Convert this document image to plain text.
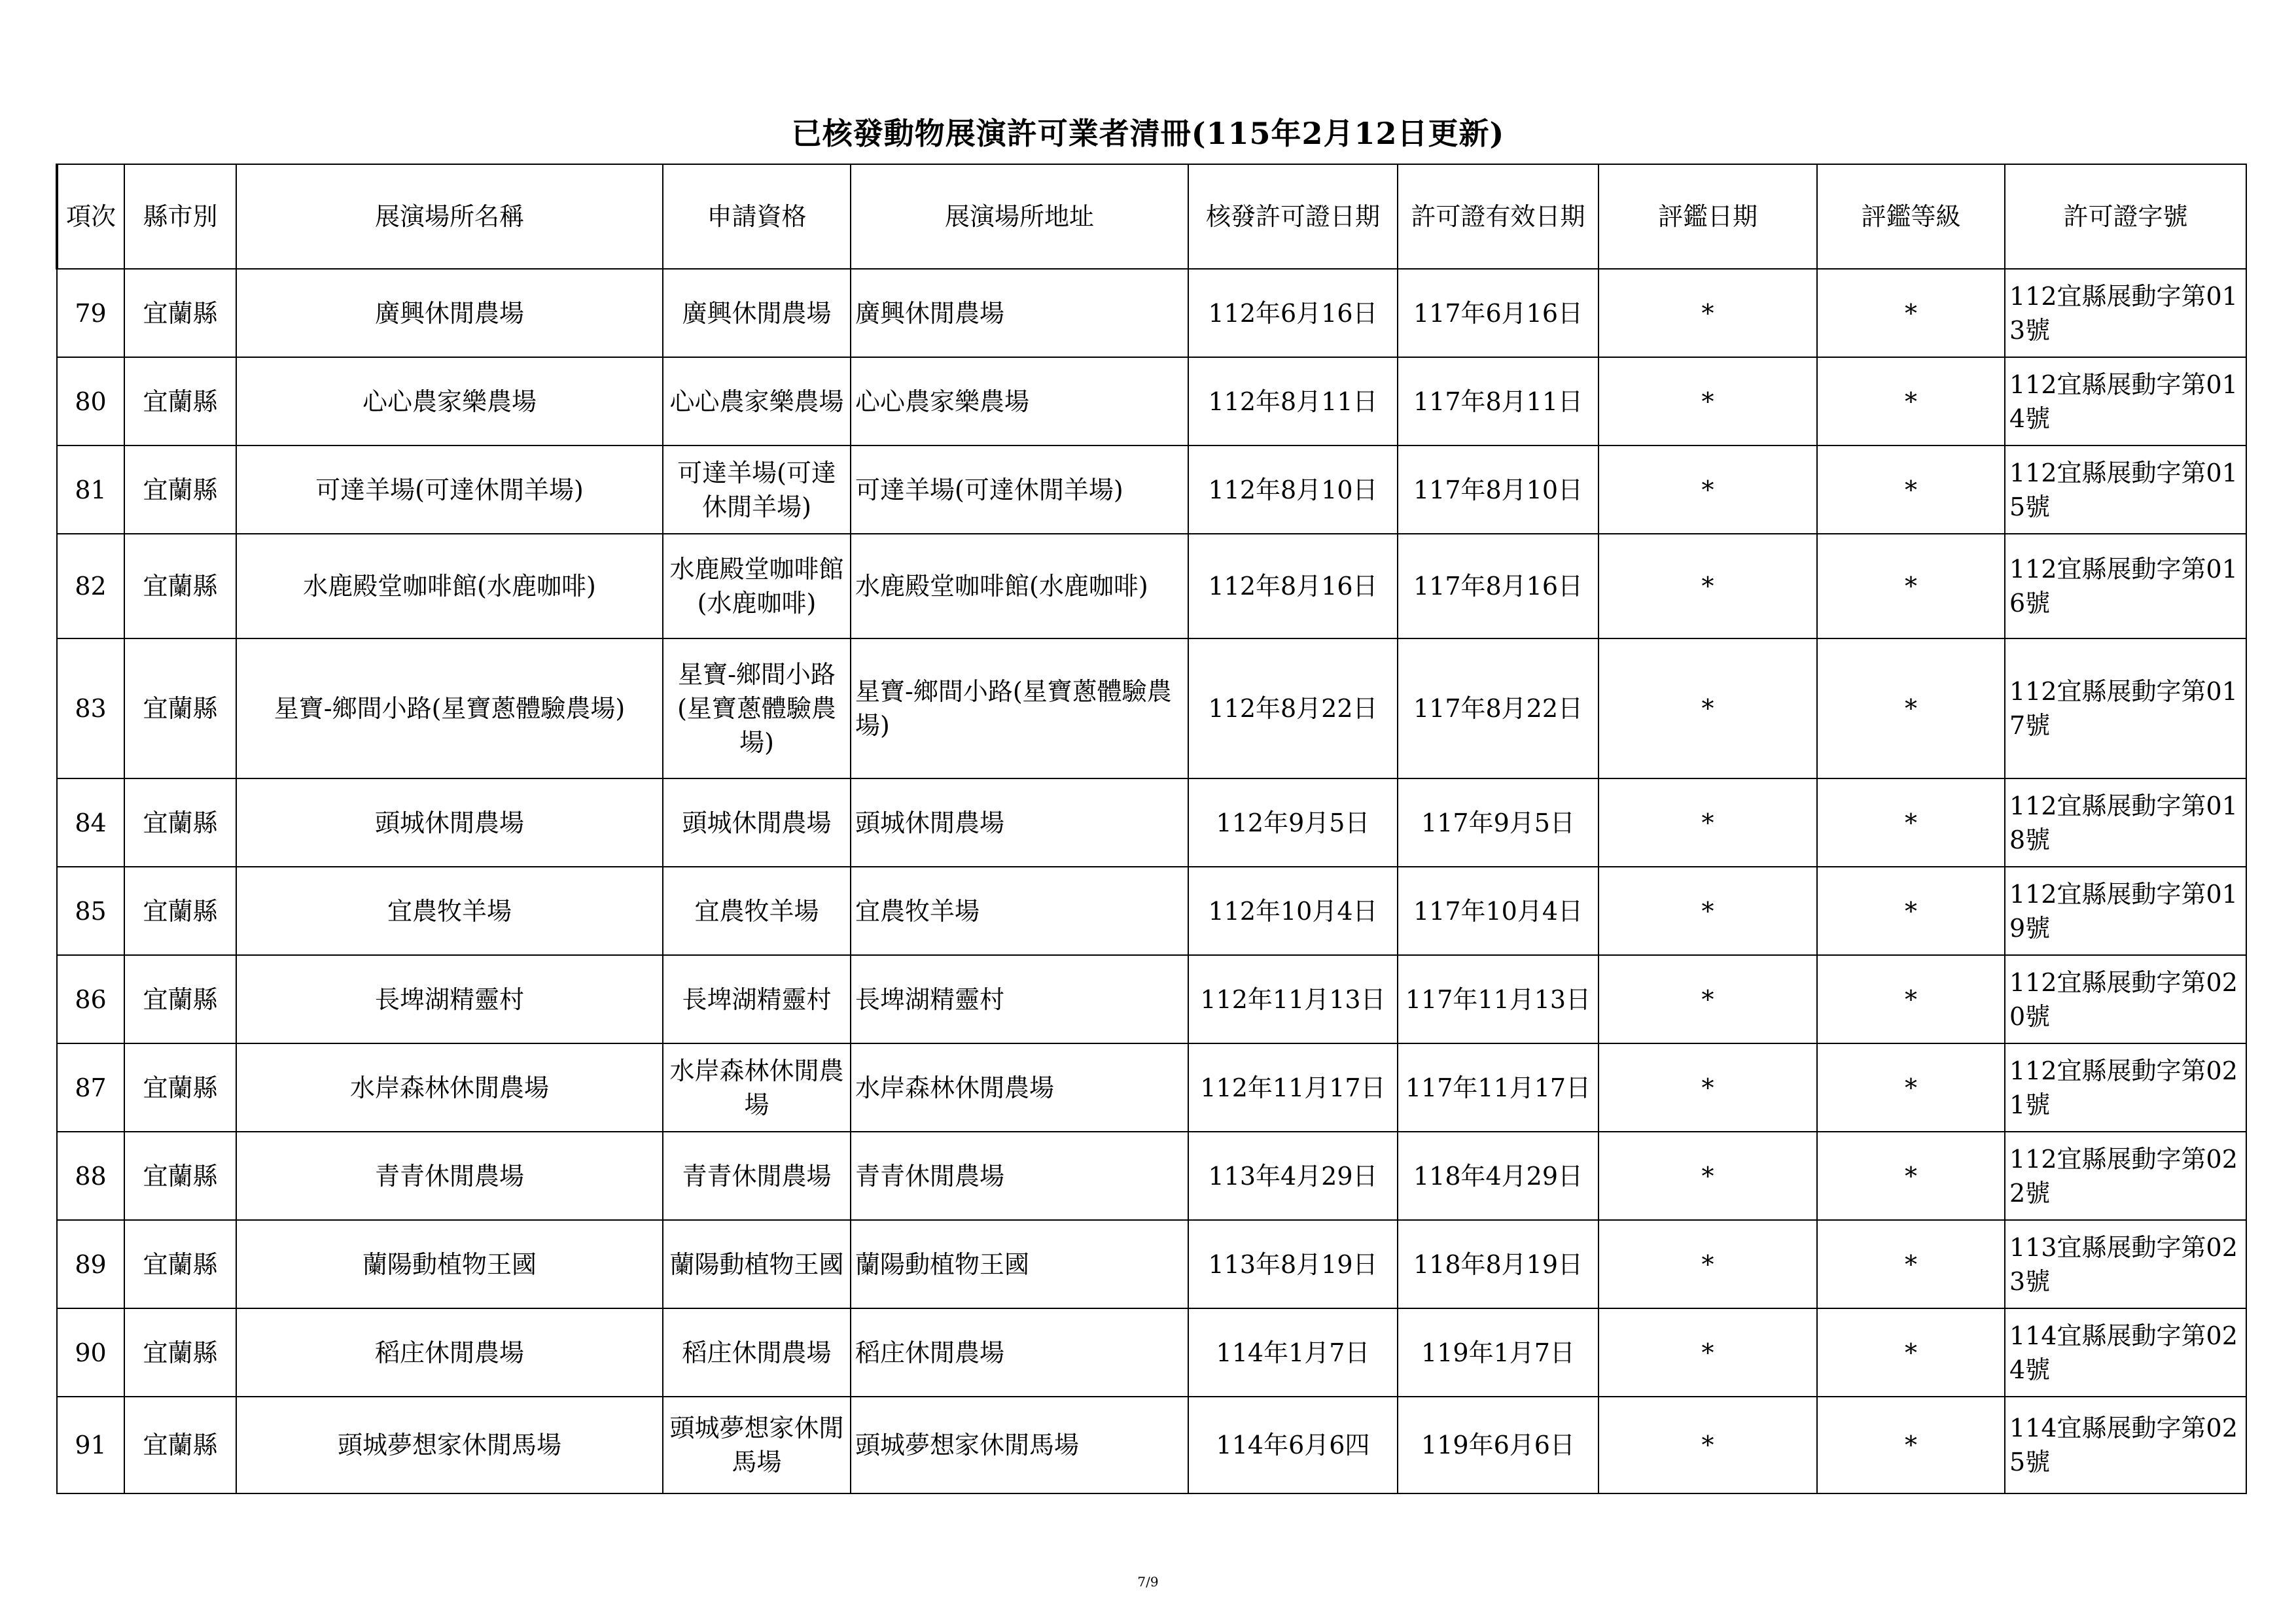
已核發動物展演許可業者清冊(115年2月12日更新)
項次	縣市別	展演場所名稱	申請資格	展演場所地址	核發許可證日期	許可證有效日期	評鑑日期	評鑑等級	許可證字號
79	宜蘭縣	廣興休閒農場	廣興休閒農場	廣興休閒農場	112年6月16日	117年6月16日	*	*	112宜縣展動字第013號
80	宜蘭縣	心心農家樂農場	心心農家樂農場	心心農家樂農場	112年8月11日	117年8月11日	*	*	112宜縣展動字第014號
81	宜蘭縣	可達羊場(可達休閒羊場)	可達羊場(可達休閒羊場)	可達羊場(可達休閒羊場)	112年8月10日	117年8月10日	*	*	112宜縣展動字第015號
82	宜蘭縣	水鹿殿堂咖啡館(水鹿咖啡)	水鹿殿堂咖啡館(水鹿咖啡)	水鹿殿堂咖啡館(水鹿咖啡)	112年8月16日	117年8月16日	*	*	112宜縣展動字第016號
83	宜蘭縣	星寶-鄉間小路(星寶蔥體驗農場)	星寶-鄉間小路(星寶蔥體驗農場)	星寶-鄉間小路(星寶蔥體驗農場)	112年8月22日	117年8月22日	*	*	112宜縣展動字第017號
84	宜蘭縣	頭城休閒農場	頭城休閒農場	頭城休閒農場	112年9月5日	117年9月5日	*	*	112宜縣展動字第018號
85	宜蘭縣	宜農牧羊場	宜農牧羊場	宜農牧羊場	112年10月4日	117年10月4日	*	*	112宜縣展動字第019號
86	宜蘭縣	長埤湖精靈村	長埤湖精靈村	長埤湖精靈村	112年11月13日	117年11月13日	*	*	112宜縣展動字第020號
87	宜蘭縣	水岸森林休閒農場	水岸森林休閒農場	水岸森林休閒農場	112年11月17日	117年11月17日	*	*	112宜縣展動字第021號
88	宜蘭縣	青青休閒農場	青青休閒農場	青青休閒農場	113年4月29日	118年4月29日	*	*	112宜縣展動字第022號
89	宜蘭縣	蘭陽動植物王國	蘭陽動植物王國	蘭陽動植物王國	113年8月19日	118年8月19日	*	*	113宜縣展動字第023號
90	宜蘭縣	稻庄休閒農場	稻庄休閒農場	稻庄休閒農場	114年1月7日	119年1月7日	*	*	114宜縣展動字第024號
91	宜蘭縣	頭城夢想家休閒馬場	頭城夢想家休閒馬場	頭城夢想家休閒馬場	114年6月6四	119年6月6日	*	*	114宜縣展動字第025號
7/9
